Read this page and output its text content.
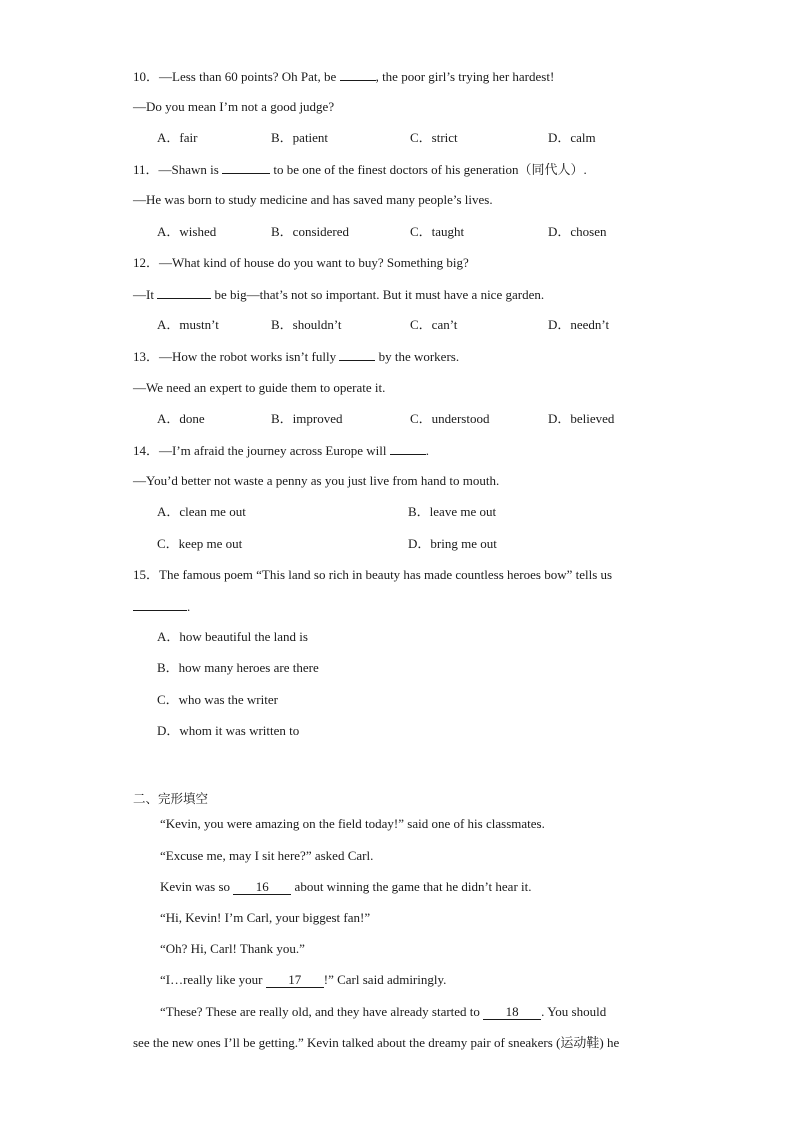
10．—Less than 60 points? Oh Pat, be	, the poor girl’s trying her hardest!
—Do you mean I’m not a good judge?
A．fair	B．patient	C．strict	D．calm
11．—Shawn is	to be one of the finest doctors of his generation（同代人）.
—He was born to study medicine and has saved many people’s lives.
A．wished	B．considered	C．taught	D．chosen
12．—What kind of house do you want to buy? Something big?
—It	be big—that’s not so important. But it must have a nice garden.
A．mustn’t	B．shouldn’t	C．can’t	D．needn’t
13．—How the robot works isn’t fully	by the workers.
—We need an expert to guide them to operate it.
A．done	B．improved	C．understood	D．believed
14．—I’m afraid the journey across Europe will	.
—You’d better not waste a penny as you just live from hand to mouth.
A．clean me out	B．leave me out
C．keep me out	D．bring me out
15．The famous poem “This land so rich in beauty has made countless heroes bow” tells us
.
A．how beautiful the land is
B．how many heroes are there
C．who was the writer
D．whom it was written to
二、完形填空
“Kevin, you were amazing on the field today!” said one of his classmates.
“Excuse me, may I sit here?” asked Carl.
Kevin was so 16 about winning the game that he didn’t hear it.
“Hi, Kevin! I’m Carl, your biggest fan!”
“Oh? Hi, Carl! Thank you.”
“I…really like your 17 !” Carl said admiringly.
“These? These are really old, and they have already started to 18 . You should
see the new ones I’ll be getting.” Kevin talked about the dreamy pair of sneakers (运动鞋) he
